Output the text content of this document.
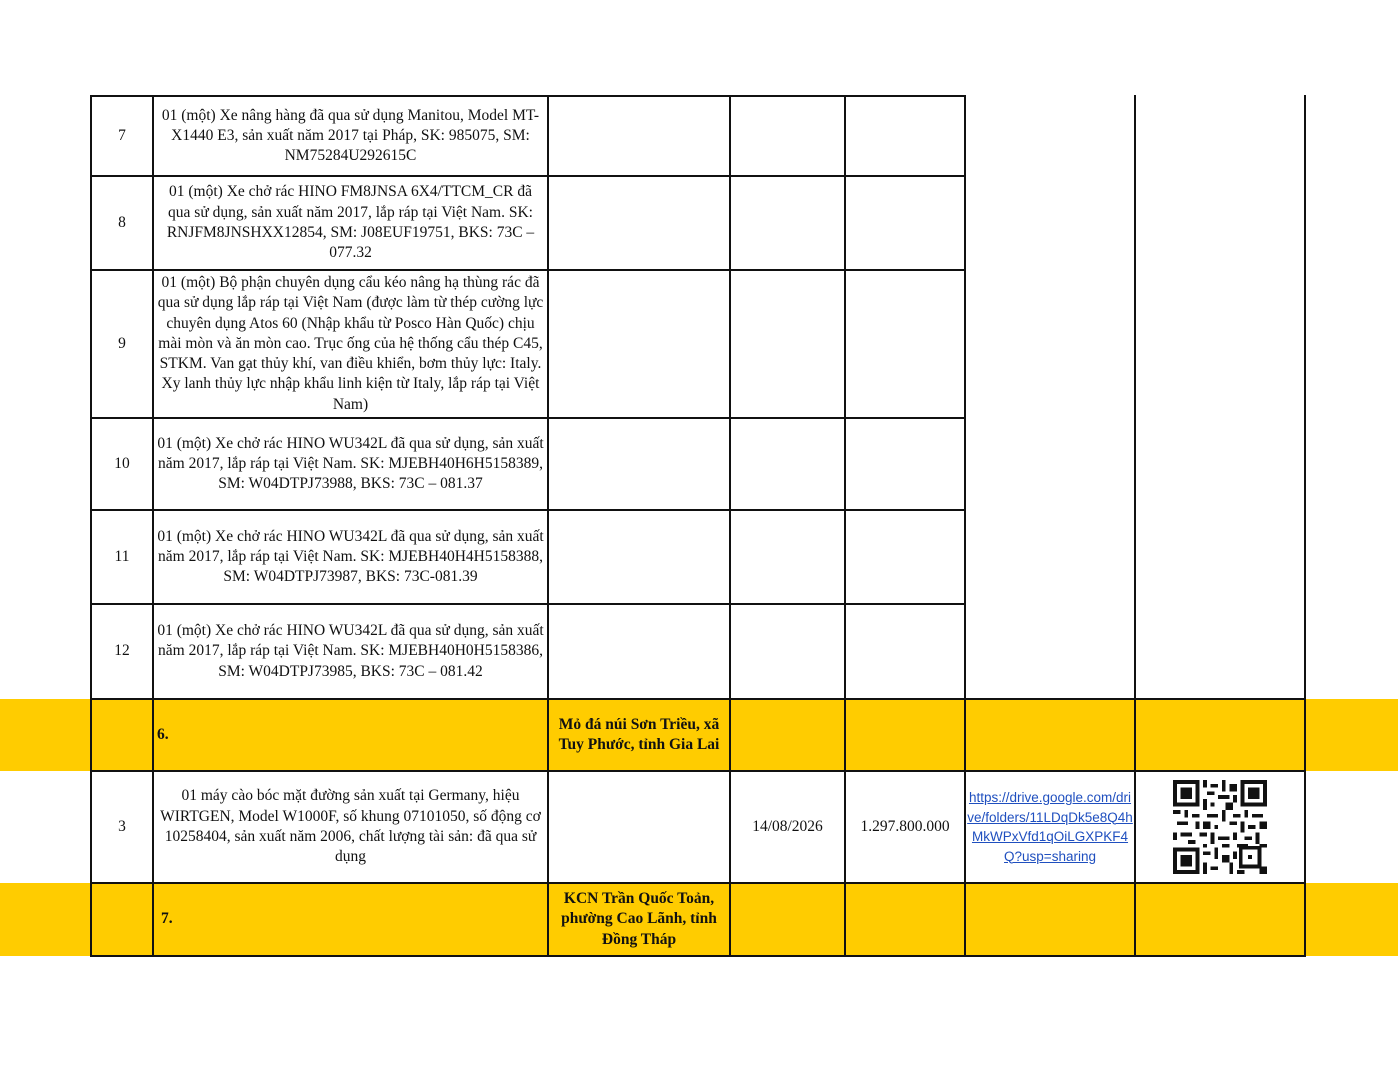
7
01 (một) Xe nâng hàng đã qua sử dụng Manitou, Model MT-X1440 E3, sản xuất năm 2017 tại Pháp, SK: 985075, SM: NM75284U292615C
8
01 (một) Xe chở rác HINO FM8JNSA 6X4/TTCM_CR đã qua sử dụng, sản xuất năm 2017, lắp ráp tại Việt Nam. SK: RNJFM8JNSHXX12854, SM: J08EUF19751, BKS: 73C – 077.32
9
01 (một) Bộ phận chuyên dụng cẩu kéo nâng hạ thùng rác đã qua sử dụng lắp ráp tại Việt Nam (được làm từ thép cường lực chuyên dụng Atos 60 (Nhập khẩu từ Posco Hàn Quốc) chịu mài mòn và ăn mòn cao. Trục ống của hệ thống cẩu thép C45, STKM. Van gạt thủy khí, van điều khiển, bơm thủy lực: Italy. Xy lanh thủy lực nhập khẩu linh kiện từ Italy, lắp ráp tại Việt Nam)
10
01 (một) Xe chở rác HINO WU342L đã qua sử dụng, sản xuất năm 2017, lắp ráp tại Việt Nam. SK: MJEBH40H6H5158389, SM: W04DTPJ73988, BKS: 73C – 081.37
11
01 (một) Xe chở rác HINO WU342L đã qua sử dụng, sản xuất năm 2017, lắp ráp tại Việt Nam. SK: MJEBH40H4H5158388, SM: W04DTPJ73987, BKS: 73C-081.39
12
01 (một) Xe chở rác HINO WU342L đã qua sử dụng, sản xuất năm 2017, lắp ráp tại Việt Nam. SK: MJEBH40H0H5158386, SM: W04DTPJ73985, BKS: 73C – 081.42
6.
Mỏ đá núi Sơn Triều, xã Tuy Phước, tỉnh Gia Lai
3
01 máy cào bóc mặt đường sản xuất tại Germany, hiệu WIRTGEN, Model W1000F, số khung 07101050, số động cơ 10258404, sản xuất năm 2006, chất lượng tài sản: đã qua sử dụng
14/08/2026	1.297.800.000
https://drive.google.com/drive/folders/11LDqDk5e8Q4hMkWPxVfd1qOiLGXPKF4Q?usp=sharing
7.
KCN Trần Quốc Toản, phường Cao Lãnh, tỉnh Đồng Tháp
